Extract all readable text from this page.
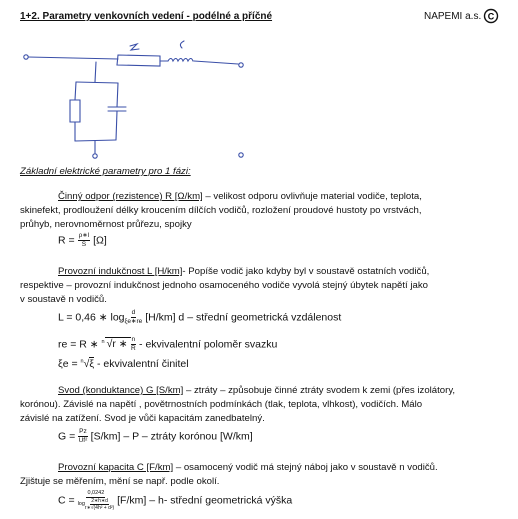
1+2. Parametry venkovních vedení - podélné a příčné	NAPEMI a.s. C
Základní elektrické parametry pro 1 fázi:
Činný odpor (rezistence) R [Ω/km] – velikost odporu ovlivňuje material vodiče, teplota,
skinefekt, prodloužení délky kroucením dílčích vodičů, rozložení proudové hustoty po vrstvách,
průhyb, nerovnoměrnost průřezu, spojky
$R = \frac{\rho∗l}{S} [\Omega]$
Provozní indukčnost L [H/km]- Popíše vodič jako kdyby byl v soustavě ostatních vodičů,
respektive – provozní indukčnost jednoho osamoceného vodiče vyvolá stejný úbytek napětí jako
v soustavě n vodičů.
L = 0,46 ∗ $\log \frac{d}{\xi e∗re} [H/km]$ d – střední geometrická vzdálenost
re = R ∗ $^n$ √r ∗ $\frac{n}{R}$ - ekvivalentní poloměr svazku
ξe = $^n$√ξ - ekvivalentní činitel
Svod (konduktance) G [S/km] – ztráty – způsobuje činné ztráty svodem k zemi (přes izolátory,
korónou). Závislé na napětí , povětrnostních podmínkách (tlak, teplota, vlhkost), vodičích. Málo
závislé na zatížení. Svod je vůči kapacitám zanedbatelný.
$G = \frac{Pz}{\text{Uf²}} [S/km] - P$ – ztráty korónou [W/km]
Provozní kapacita C [F/km] – osamocený vodič má stejný náboj jako v soustavě n vodičů.
Zjištuje se měřením, mění se např. podle okolí.
$C = \frac{0,0242}{\log \frac{2∗h∗d}{\text{r∗√(4h² + d²)}}} [F/km] - h-$ střední geometrická výška
